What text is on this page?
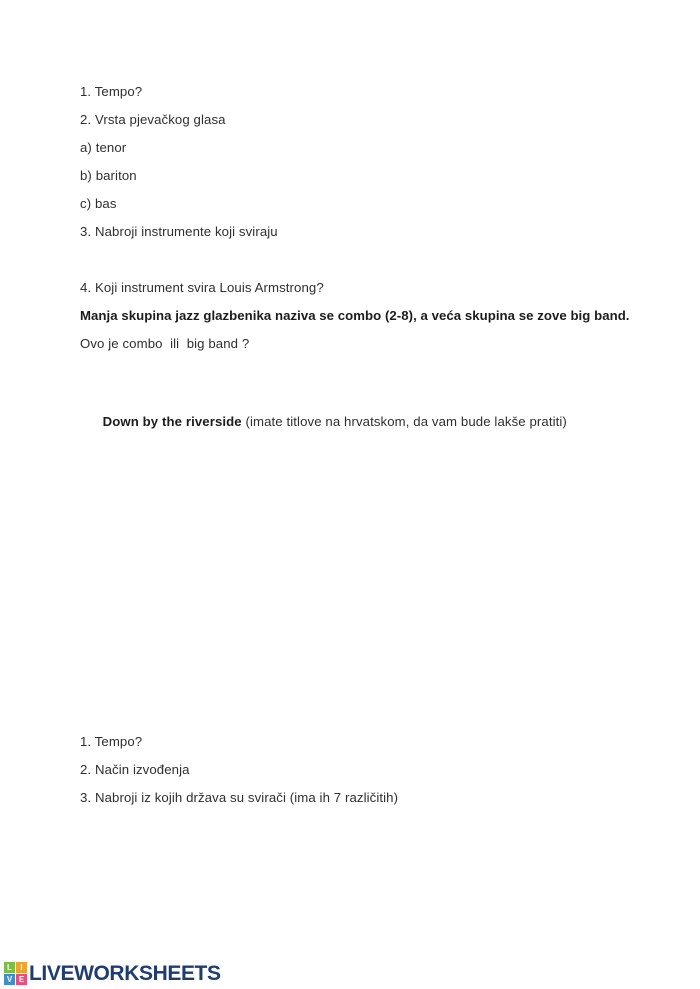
1. Tempo?
2. Vrsta pjevačkog glasa
a) tenor
b) bariton
c) bas
3. Nabroji instrumente koji sviraju
4. Koji instrument svira Louis Armstrong?
Manja skupina jazz glazbenika naziva se combo (2-8), a veća skupina se zove big band.
Ovo je combo  ili  big band ?

Down by the riverside (imate titlove na hrvatskom, da vam bude lakše pratiti)

1. Tempo?
2. Način izvođenja
3. Nabroji iz kojih država su svirači (ima ih 7 različitih)
L	I
V E LIVEWORKSHEETS
